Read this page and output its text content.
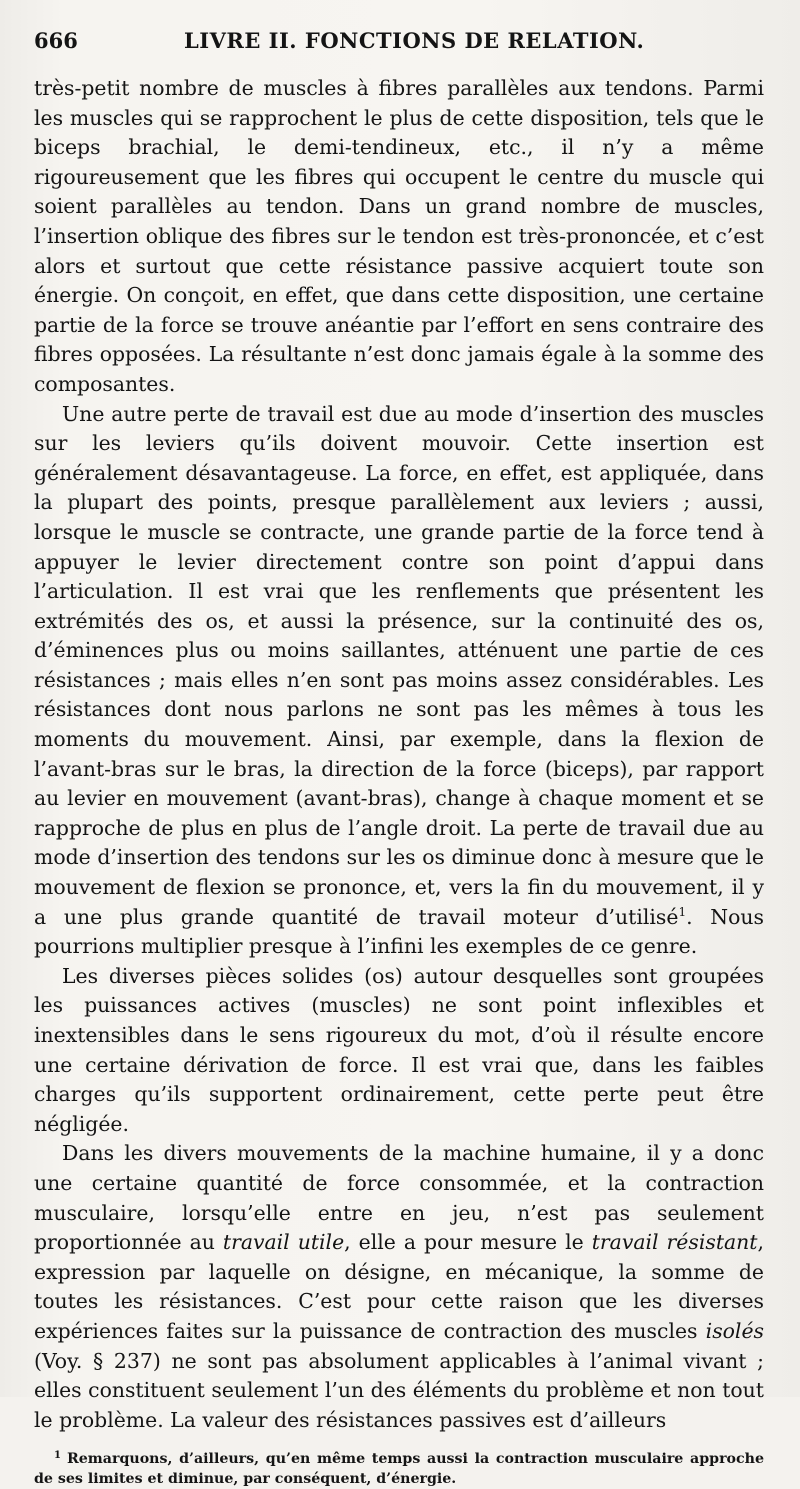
666	LIVRE II. FONCTIONS DE RELATION.

très-petit nombre de muscles à fibres parallèles aux tendons. Parmi les muscles qui se rapprochent le plus de cette disposition, tels que le biceps brachial, le demi-tendineux, etc., il n’y a même rigoureusement que les fibres qui occupent le centre du muscle qui soient parallèles au tendon. Dans un grand nombre de muscles, l’insertion oblique des fibres sur le tendon est très-prononcée, et c’est alors et surtout que cette résistance passive acquiert toute son énergie. On conçoit, en effet, que dans cette disposition, une certaine partie de la force se trouve anéantie par l’effort en sens contraire des fibres opposées. La résultante n’est donc jamais égale à la somme des composantes.

Une autre perte de travail est due au mode d’insertion des muscles sur les leviers qu’ils doivent mouvoir. Cette insertion est généralement désavantageuse. La force, en effet, est appliquée, dans la plupart des points, presque parallèlement aux leviers ; aussi, lorsque le muscle se contracte, une grande partie de la force tend à appuyer le levier directement contre son point d’appui dans l’articulation. Il est vrai que les renflements que présentent les extrémités des os, et aussi la présence, sur la continuité des os, d’éminences plus ou moins saillantes, atténuent une partie de ces résistances ; mais elles n’en sont pas moins assez considérables. Les résistances dont nous parlons ne sont pas les mêmes à tous les moments du mouvement. Ainsi, par exemple, dans la flexion de l’avant-bras sur le bras, la direction de la force (biceps), par rapport au levier en mouvement (avant-bras), change à chaque moment et se rapproche de plus en plus de l’angle droit. La perte de travail due au mode d’insertion des tendons sur les os diminue donc à mesure que le mouvement de flexion se prononce, et, vers la fin du mouvement, il y a une plus grande quantité de travail moteur d’utilisé$^1$. Nous pourrions multiplier presque à l’infini les exemples de ce genre.

Les diverses pièces solides (os) autour desquelles sont groupées les puissances actives (muscles) ne sont point inflexibles et inextensibles dans le sens rigoureux du mot, d’où il résulte encore une certaine dérivation de force. Il est vrai que, dans les faibles charges qu’ils supportent ordinairement, cette perte peut être négligée.

Dans les divers mouvements de la machine humaine, il y a donc une certaine quantité de force consommée, et la contraction musculaire, lorsqu’elle entre en jeu, n’est pas seulement proportionnée au travail utile, elle a pour mesure le travail résistant, expression par laquelle on désigne, en mécanique, la somme de toutes les résistances. C’est pour cette raison que les diverses expériences faites sur la puissance de contraction des muscles isolés (Voy. § 237) ne sont pas absolument applicables à l’animal vivant ; elles constituent seulement l’un des éléments du problème et non tout le problème. La valeur des résistances passives est d’ailleurs

$^1$ Remarquons, d’ailleurs, qu’en même temps aussi la contraction musculaire approche de ses limites et diminue, par conséquent, d’énergie.
